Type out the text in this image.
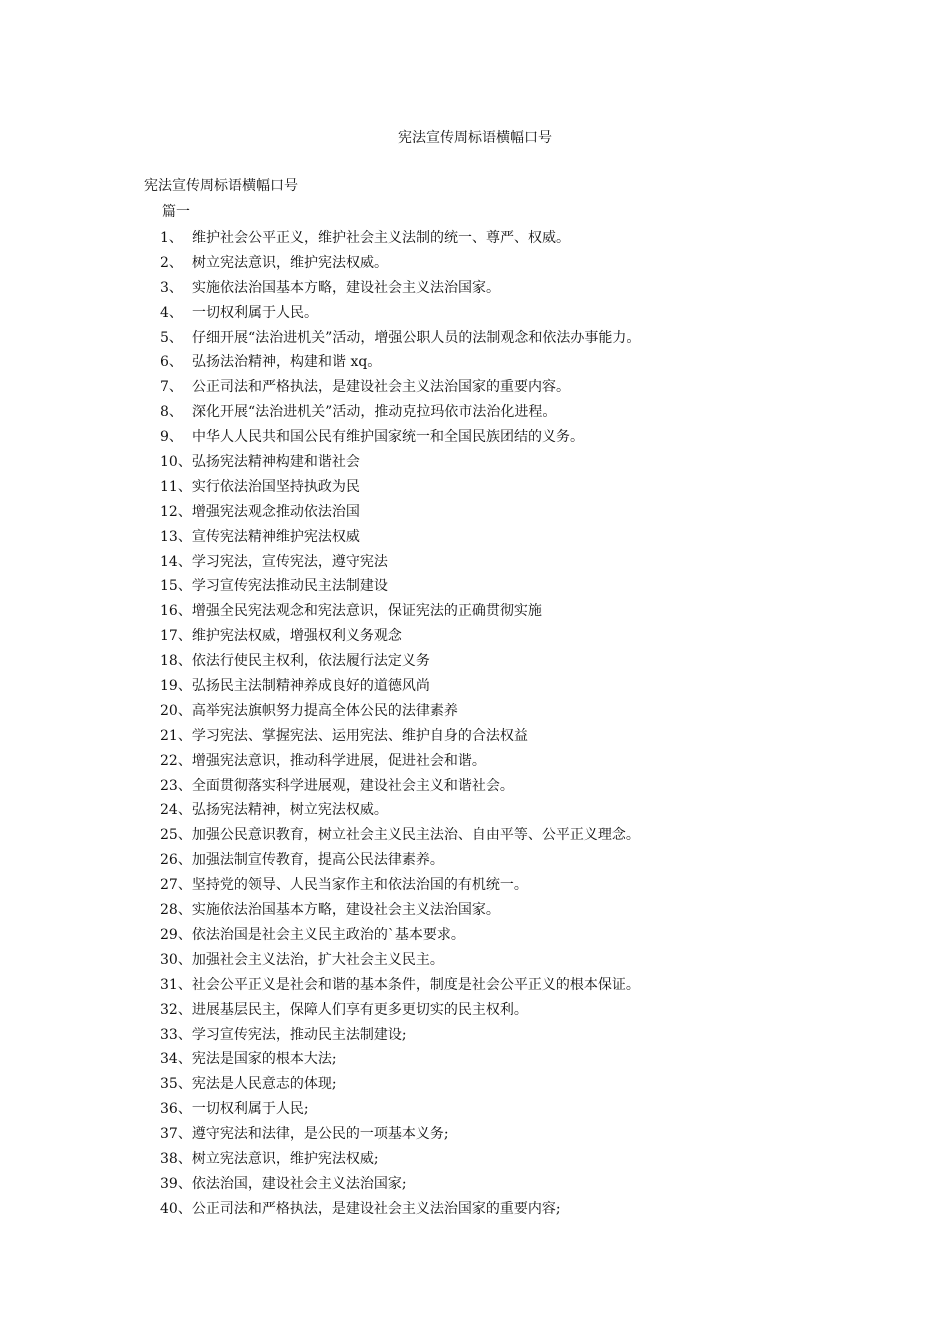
宪法宣传周标语横幅口号
宪法宣传周标语横幅口号
篇一
1、 维护社会公平正义，维护社会主义法制的统一、尊严、权威。
2、 树立宪法意识，维护宪法权威。
3、 实施依法治国基本方略，建设社会主义法治国家。
4、 一切权利属于人民。
5、 仔细开展“法治进机关”活动，增强公职人员的法制观念和依法办事能力。
6、 弘扬法治精神，构建和谐 xq。
7、 公正司法和严格执法，是建设社会主义法治国家的重要内容。
8、 深化开展“法治进机关”活动，推动克拉玛依市法治化进程。
9、 中华人人民共和国公民有维护国家统一和全国民族团结的义务。
10、 弘扬宪法精神构建和谐社会
11、 实行依法治国坚持执政为民
12、 增强宪法观念推动依法治国
13、 宣传宪法精神维护宪法权威
14、 学习宪法，宣传宪法，遵守宪法
15、 学习宣传宪法推动民主法制建设
16、 增强全民宪法观念和宪法意识，保证宪法的正确贯彻实施
17、 维护宪法权威，增强权利义务观念
18、 依法行使民主权利，依法履行法定义务
19、 弘扬民主法制精神养成良好的道德风尚
20、 高举宪法旗帜努力提高全体公民的法律素养
21、 学习宪法、掌握宪法、运用宪法、维护自身的合法权益
22、 增强宪法意识，推动科学进展，促进社会和谐。
23、 全面贯彻落实科学进展观，建设社会主义和谐社会。
24、 弘扬宪法精神，树立宪法权威。
25、 加强公民意识教育，树立社会主义民主法治、自由平等、公平正义理念。
26、 加强法制宣传教育，提高公民法律素养。
27、 坚持党的领导、人民当家作主和依法治国的有机统一。
28、 实施依法治国基本方略，建设社会主义法治国家。
29、 依法治国是社会主义民主政治的`基本要求。
30、 加强社会主义法治，扩大社会主义民主。
31、 社会公平正义是社会和谐的基本条件，制度是社会公平正义的根本保证。
32、 进展基层民主，保障人们享有更多更切实的民主权利。
33、 学习宣传宪法，推动民主法制建设;
34、 宪法是国家的根本大法;
35、 宪法是人民意志的体现;
36、 一切权利属于人民;
37、 遵守宪法和法律，是公民的一项基本义务;
38、 树立宪法意识，维护宪法权威;
39、 依法治国，建设社会主义法治国家;
40、 公正司法和严格执法，是建设社会主义法治国家的重要内容;
